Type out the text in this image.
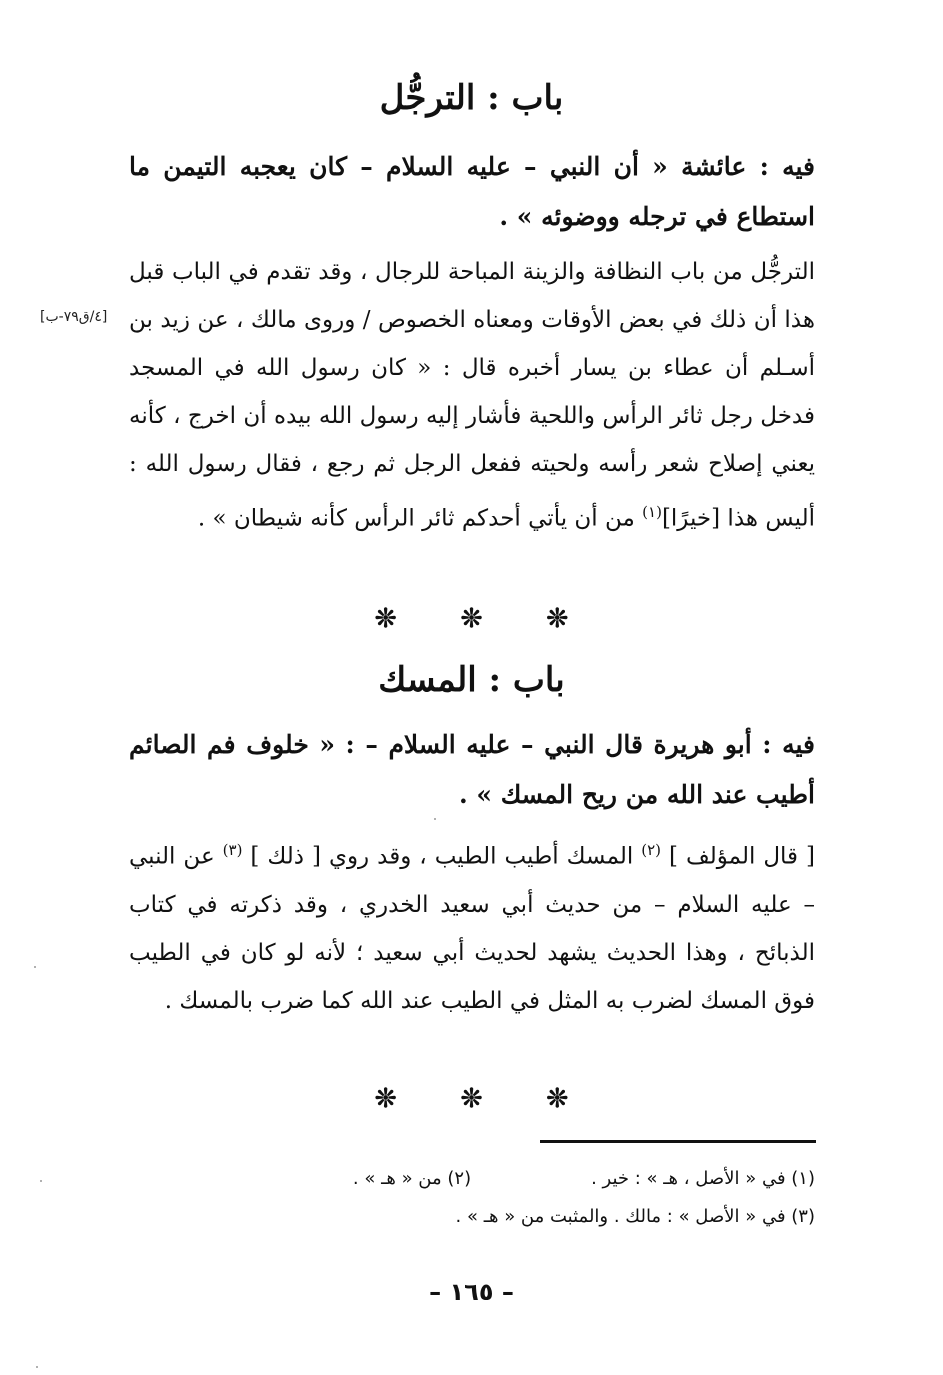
باب : الترجُّل
فيه : عائشة « أن النبي – عليه السلام – كان يعجبه التيمن ما استطاع في ترجله ووضوئه » .
الترجُّل من باب النظافة والزينة المباحة للرجال ، وقد تقدم في الباب قبل هذا أن ذلك في بعض الأوقات ومعناه الخصوص / وروى مالك ، عن زيد بن أسـلم أن عطاء بن يسار أخبره قال : « كان رسول الله في المسجد فدخل رجل ثائر الرأس واللحية فأشار إليه رسول الله بيده أن اخرج ، كأنه يعني إصلاح شعر رأسه ولحيته ففعل الرجل ثم رجع ، فقال رسول الله : أليس هذا [خيرًا]$^{(١)}$ من أن يأتي أحدكم ثائر الرأس كأنه شيطان » .
[٤/ق٧٩-ب]
❊ ❊ ❊
باب : المسك
فيه : أبو هريرة قال النبي – عليه السلام – : « خلوف فم الصائم أطيب عند الله من ريح المسك » .
[ قال المؤلف ] $^{(٢)}$ المسك أطيب الطيب ، وقد روي [ ذلك ] $^{(٣)}$ عن النبي – عليه السلام – من حديث أبي سعيد الخدري ، وقد ذكرته في كتاب الذبائح ، وهذا الحديث يشهد لحديث أبي سعيد ؛ لأنه لو كان في الطيب فوق المسك لضرب به المثل في الطيب عند الله كما ضرب بالمسك .
❊ ❊ ❊
(١) في « الأصل ، هـ » : خير .
(٢) من « هـ » .
(٣) في « الأصل » : مالك . والمثبت من « هـ » .
– ١٦٥ –
